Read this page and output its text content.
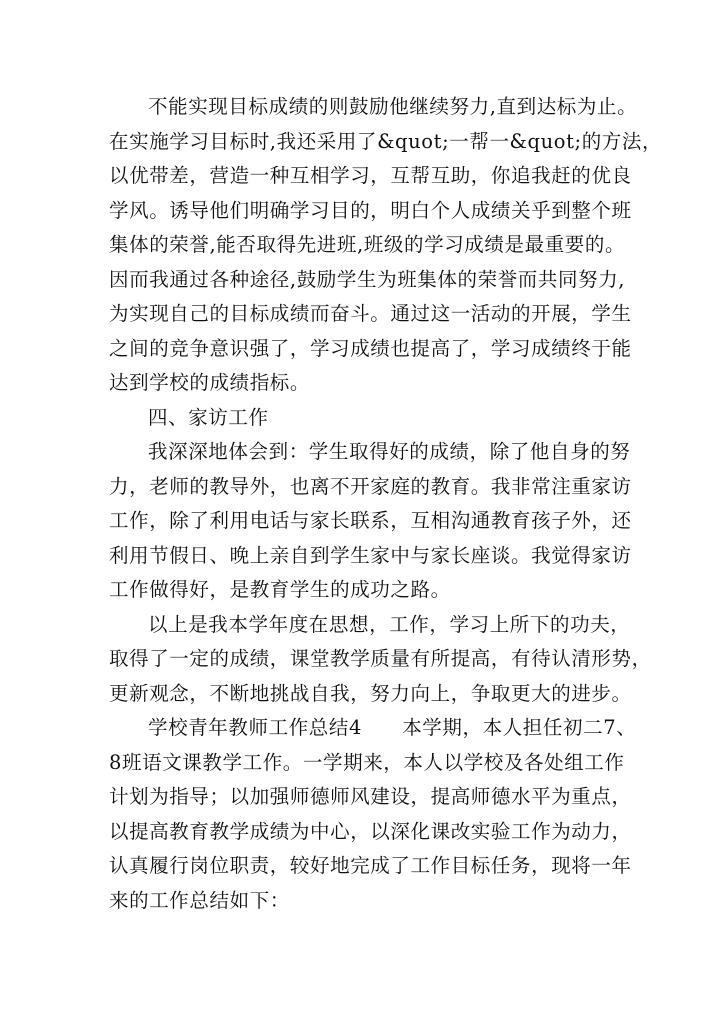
不能实现目标成绩的则鼓励他继续努力,直到达标为止。
在实施学习目标时,我还采用了&quot;一帮一&quot;的方法，
以优带差，营造一种互相学习，互帮互助，你追我赶的优良
学风。诱导他们明确学习目的，明白个人成绩关乎到整个班
集体的荣誉,能否取得先进班,班级的学习成绩是最重要的。
因而我通过各种途径,鼓励学生为班集体的荣誉而共同努力,
为实现自己的目标成绩而奋斗。通过这一活动的开展，学生
之间的竞争意识强了，学习成绩也提高了，学习成绩终于能
达到学校的成绩指标。
四、家访工作
我深深地体会到：学生取得好的成绩，除了他自身的努
力，老师的教导外，也离不开家庭的教育。我非常注重家访
工作，除了利用电话与家长联系，互相沟通教育孩子外，还
利用节假日、晚上亲自到学生家中与家长座谈。我觉得家访
工作做得好，是教育学生的成功之路。
以上是我本学年度在思想，工作，学习上所下的功夫，
取得了一定的成绩，课堂教学质量有所提高，有待认清形势，
更新观念，不断地挑战自我，努力向上，争取更大的进步。
学校青年教师工作总结4　　本学期，本人担任初二7、
8班语文课教学工作。一学期来，本人以学校及各处组工作
计划为指导；以加强师德师风建设，提高师德水平为重点，
以提高教育教学成绩为中心，以深化课改实验工作为动力，
认真履行岗位职责，较好地完成了工作目标任务，现将一年
来的工作总结如下：
